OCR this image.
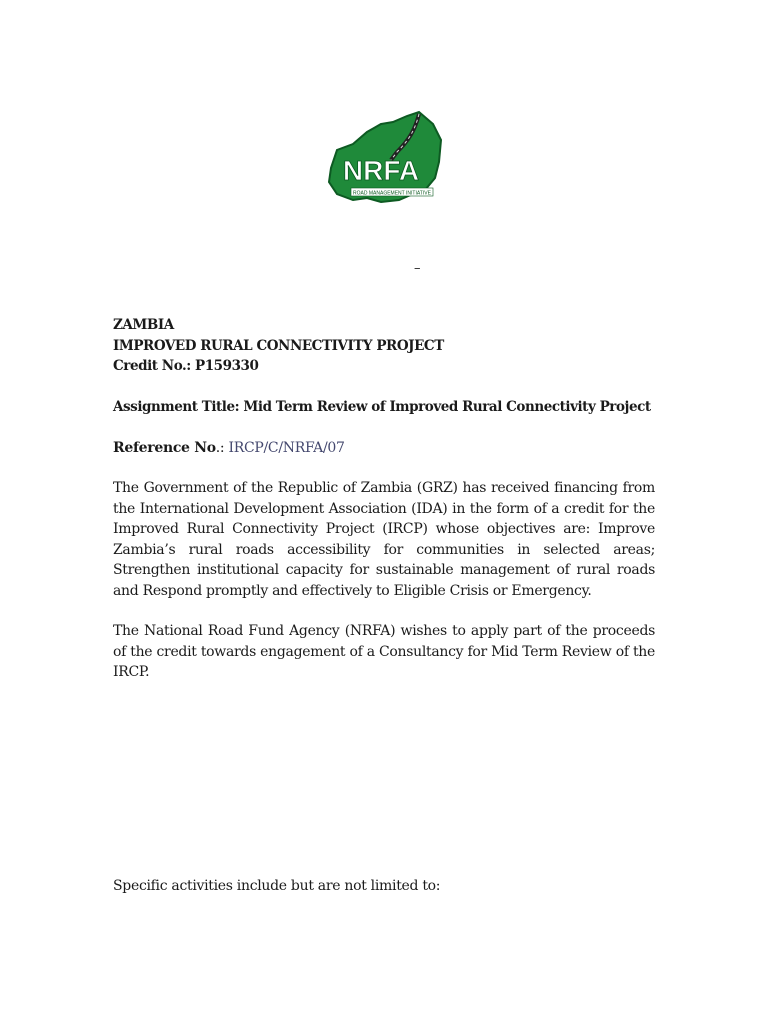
NRFA
ROAD MANAGEMENT INITIATIVE
–
ZAMBIA
IMPROVED RURAL CONNECTIVITY PROJECT
Credit No.: P159330
Assignment Title: Mid Term Review of Improved Rural Connectivity Project
Reference No.: IRCP/C/NRFA/07
The Government of the Republic of Zambia (GRZ) has received financing from the International Development Association (IDA) in the form of a credit for the Improved Rural Connectivity Project (IRCP) whose objectives are: Improve Zambia’s rural roads accessibility for communities in selected areas; Strengthen institutional capacity for sustainable management of rural roads and Respond promptly and effectively to Eligible Crisis or Emergency.
The National Road Fund Agency (NRFA) wishes to apply part of the proceeds of the credit towards engagement of a Consultancy for Mid Term Review of the IRCP.
Specific activities include but are not limited to:
